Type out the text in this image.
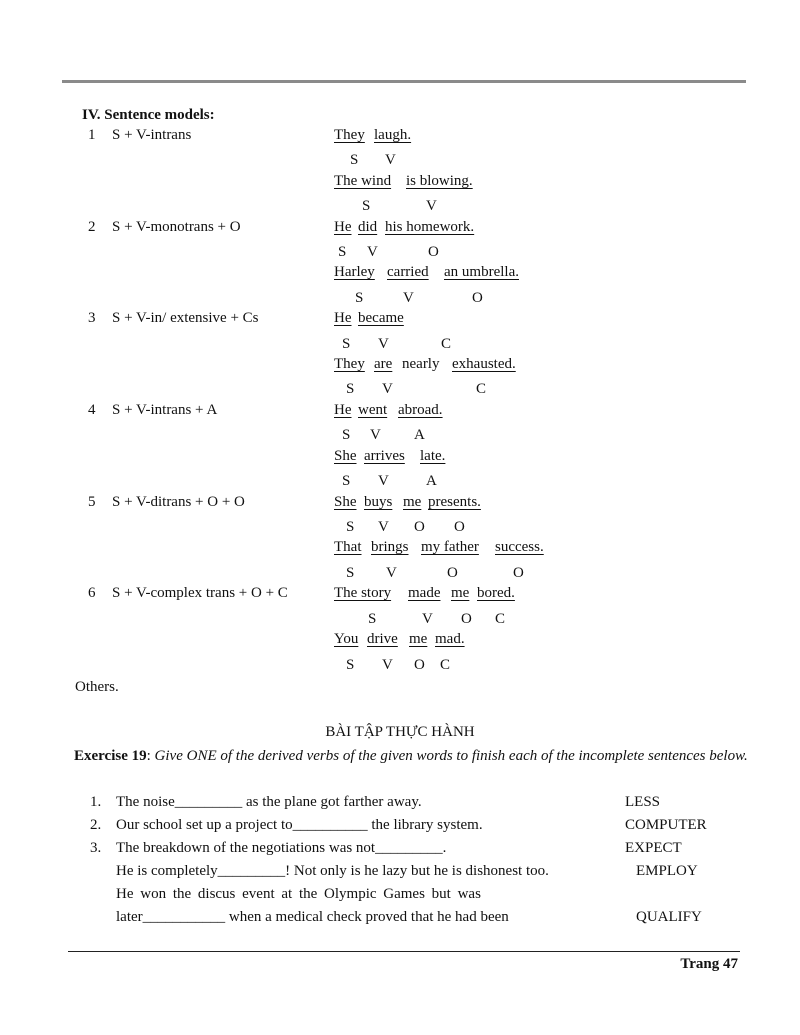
IV. Sentence models:
1 S + V-intrans	They laugh.
S V
The wind is blowing.
S	V
2 S + V-monotrans + O	He did his homework.
S V	O
Harley carried an umbrella.
S	V	O
3 S + V-in/ extensive + Cs	He became
S V	C
They are nearly exhausted.
S V	C
4 S + V-intrans + A	He went abroad.
S V A
She arrives late.
S V A
5 S + V-ditrans + O + O	She buys me presents.
S V O O
That brings my father success.
S V	O	O
6 S + V-complex trans + O + C	The story made me bored.
S	V O C
You drive me mad.
S V O C
Others.
BÀI TẬP THỰC HÀNH
Exercise 19: Give ONE of the derived verbs of the given words to finish each of the incomplete sentences below.
1. The noise_________ as the plane got farther away.	LESS
2. Our school set up a project to__________ the library system.	COMPUTER
3. The breakdown of the negotiations was not_________.	EXPECT
He is completely_________! Not only is he lazy but he is dishonest too.	EMPLOY
He won the discus event at the Olympic Games but was
later___________ when a medical check proved that he had been	QUALIFY
Trang 47
